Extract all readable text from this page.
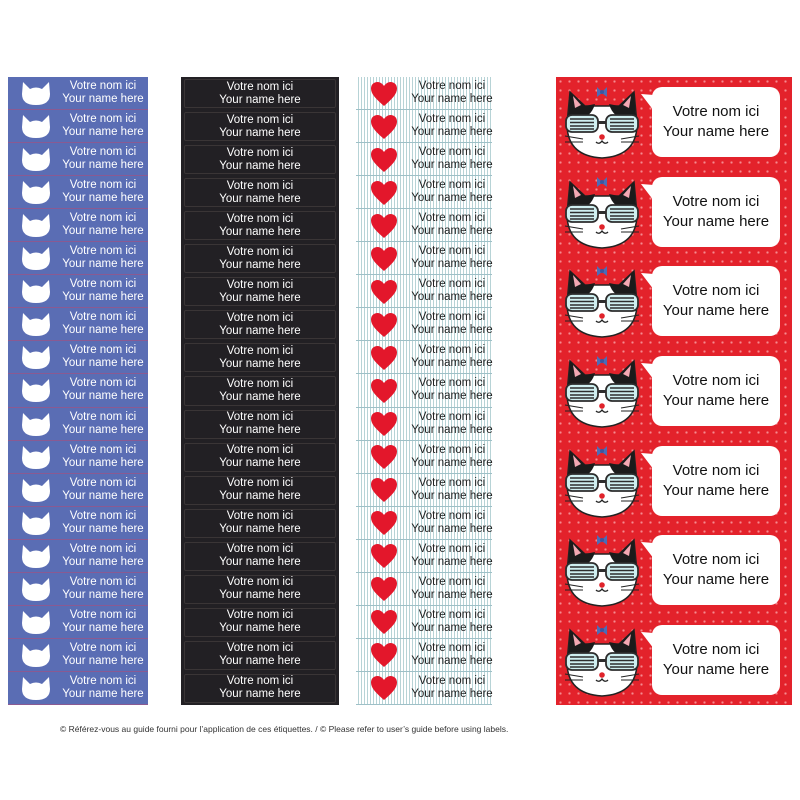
Votre nom ici
Your name here
Votre nom ici
Your name here
Votre nom ici
Your name here
Votre nom ici
Your name here
Votre nom ici
Your name here
Votre nom ici
Your name here
Votre nom ici
Your name here
Votre nom ici
Your name here
Votre nom ici
Your name here
Votre nom ici
Your name here
Votre nom ici
Your name here
Votre nom ici
Your name here
Votre nom ici
Your name here
Votre nom ici
Your name here
Votre nom ici
Your name here
Votre nom ici
Your name here
Votre nom ici
Your name here
Votre nom ici
Your name here
Votre nom ici
Your name here
Votre nom ici
Your name here
Votre nom ici
Your name here
Votre nom ici
Your name here
Votre nom ici
Your name here
Votre nom ici
Your name here
Votre nom ici
Your name here
Votre nom ici
Your name here
Votre nom ici
Your name here
Votre nom ici
Your name here
Votre nom ici
Your name here
Votre nom ici
Your name here
Votre nom ici
Your name here
Votre nom ici
Your name here
Votre nom ici
Your name here
Votre nom ici
Your name here
Votre nom ici
Your name here
Votre nom ici
Your name here
Votre nom ici
Your name here
Votre nom ici
Your name here
Votre nom ici
Your name here
Votre nom ici
Your name here
Votre nom ici
Your name here
Votre nom ici
Your name here
Votre nom ici
Your name here
Votre nom ici
Your name here
Votre nom ici
Your name here
Votre nom ici
Your name here
Votre nom ici
Your name here
Votre nom ici
Your name here
Votre nom ici
Your name here
Votre nom ici
Your name here
Votre nom ici
Your name here
Votre nom ici
Your name here
Votre nom ici
Your name here
Votre nom ici
Your name here
Votre nom ici
Your name here
Votre nom ici
Your name here
Votre nom ici
Your name here
Votre nom ici
Your name here
Votre nom ici
Your name here
Votre nom ici
Your name here
Votre nom ici
Your name here
Votre nom ici
Your name here
Votre nom ici
Your name here
Votre nom ici
Your name here
© Référez-vous au guide fourni pour l’application de ces étiquettes. / © Please refer to user’s guide before using labels.
